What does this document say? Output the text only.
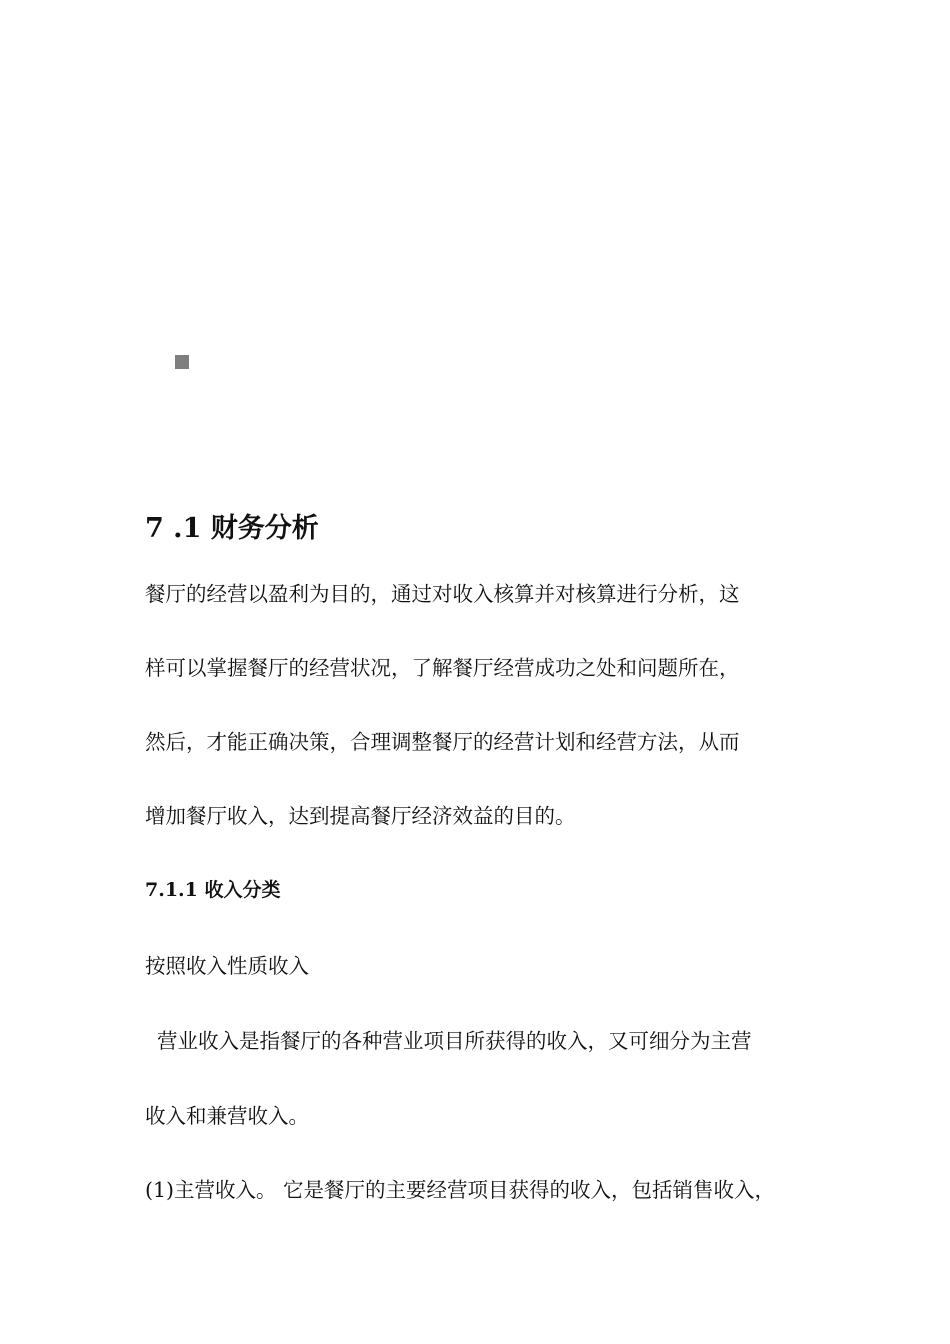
7 .1 财务分析

餐厅的经营以盈利为目的，通过对收入核算并对核算进行分析，这

样可以掌握餐厅的经营状况，了解餐厅经营成功之处和问题所在，

然后，才能正确决策，合理调整餐厅的经营计划和经营方法，从而

增加餐厅收入，达到提高餐厅经济效益的目的。

7.1.1 收入分类

按照收入性质收入

营业收入是指餐厅的各种营业项目所获得的收入，又可细分为主营

收入和兼营收入。

(1)主营收入。 它是餐厅的主要经营项目获得的收入，包括销售收入，
